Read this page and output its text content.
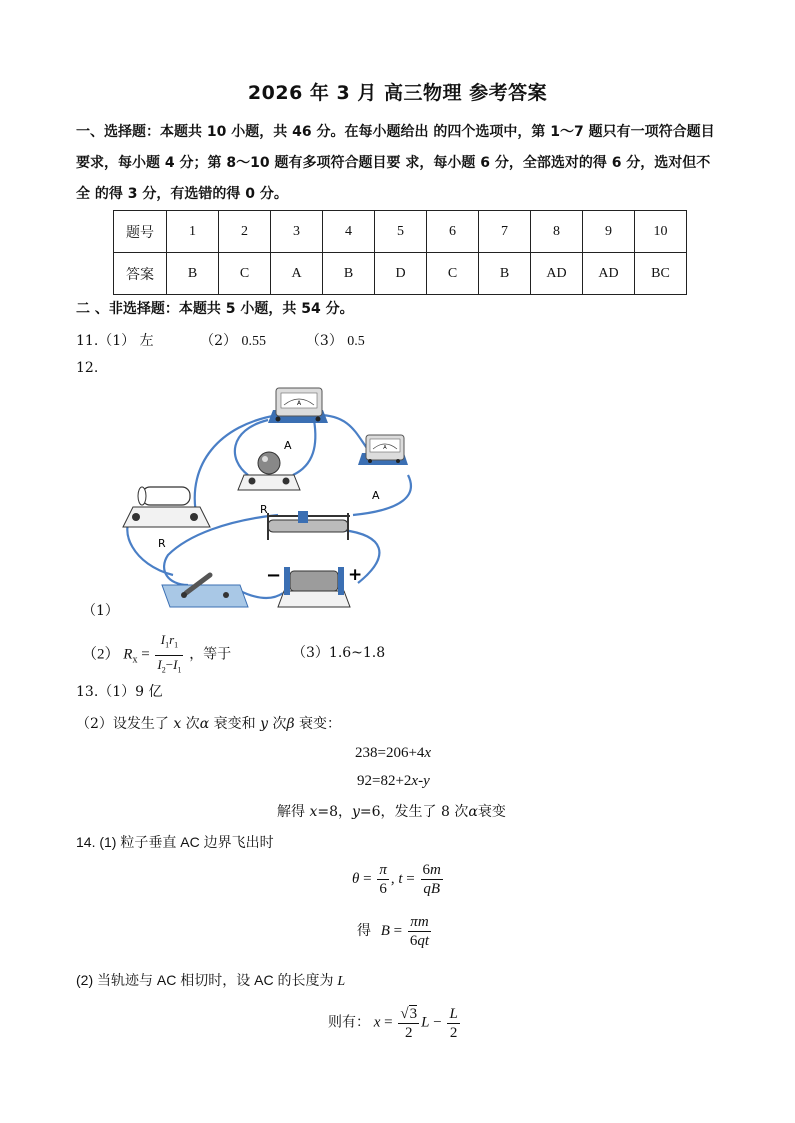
2026 年 3 月 高三物理 参考答案
一、选择题：本题共 10 小题，共 46 分。在每小题给出 的四个选项中，第 1～7 题只有一项符合题目要求，每小题 4 分；第 8～10 题有多项符合题目要 求，每小题 6 分，全部选对的得 6 分，选对但不全 的得 3 分，有选错的得 0 分。
题号	1	2	3	4	5	6	7	8	9	10
答案	B	C	A	B	D	C	B	AD	AD	BC
二 、非选择题：本题共 5 小题，共 54 分。
11.（1） 左	（2） 0.55	（3） 0.5
12.
A
A	A
A
R
R
−	+
（1）
（2） $R_x = \frac{I_1r_1}{I_2-I_1}$ ，等于	（3）1.6~1.8
13.（1）9 亿
（2）设发生了 x 次α 衰变和 y 次β 衰变：
238=206+4x
92=82+2x-y
解得 x=8，y=6，发生了 8 次α衰变
14. (1) 粒子垂直 AC 边界飞出时
$\theta = \frac{\pi}{6}$ , $t = \frac{6m}{qB}$
得 $B = \frac{\pi m}{6qt}$
(2) 当轨迹与 AC 相切时，设 AC 的长度为 L
则有： $x = \frac{√3}{2}$ $L - \frac{L}{2}$
